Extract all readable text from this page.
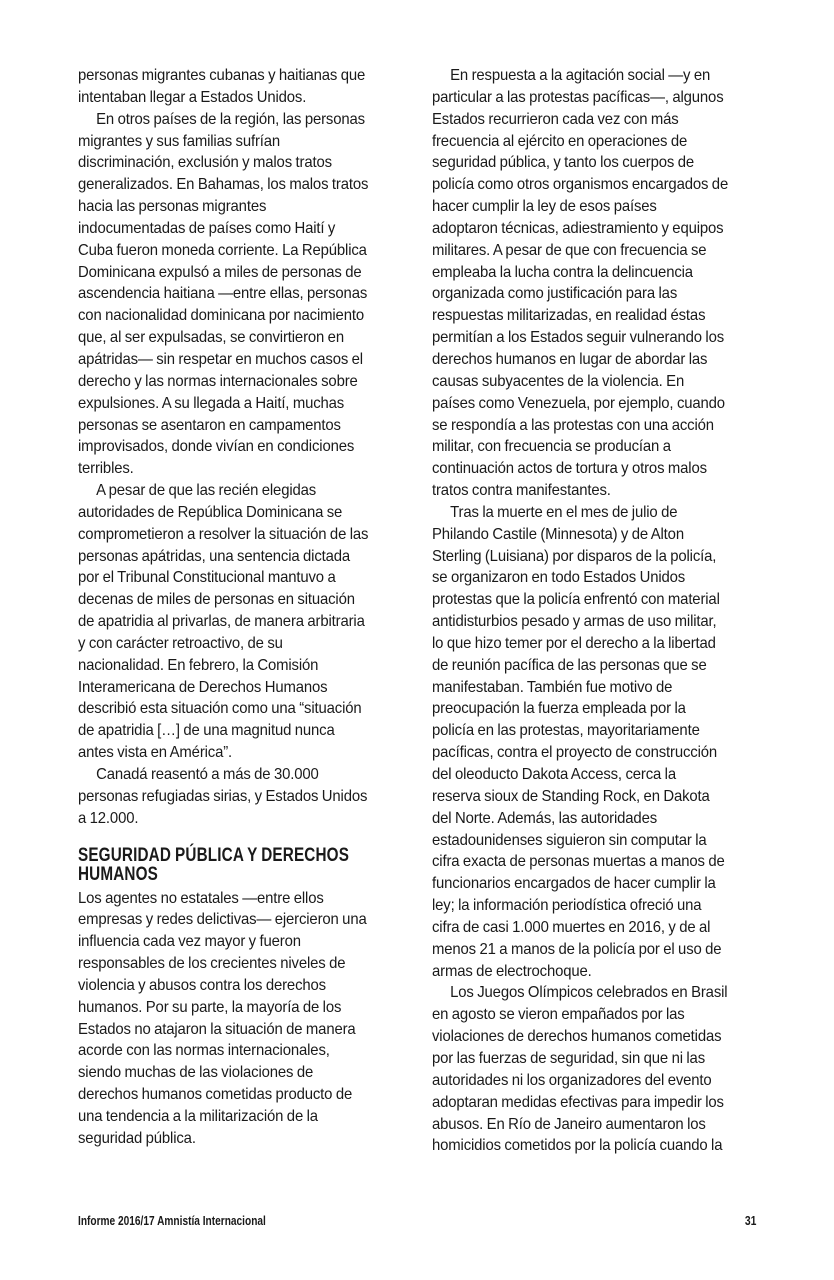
personas migrantes cubanas y haitianas que
intentaban llegar a Estados Unidos.
En otros países de la región, las personas
migrantes y sus familias sufrían
discriminación, exclusión y malos tratos
generalizados. En Bahamas, los malos tratos
hacia las personas migrantes
indocumentadas de países como Haití y
Cuba fueron moneda corriente. La República
Dominicana expulsó a miles de personas de
ascendencia haitiana —entre ellas, personas
con nacionalidad dominicana por nacimiento
que, al ser expulsadas, se convirtieron en
apátridas— sin respetar en muchos casos el
derecho y las normas internacionales sobre
expulsiones. A su llegada a Haití, muchas
personas se asentaron en campamentos
improvisados, donde vivían en condiciones
terribles.
A pesar de que las recién elegidas
autoridades de República Dominicana se
comprometieron a resolver la situación de las
personas apátridas, una sentencia dictada
por el Tribunal Constitucional mantuvo a
decenas de miles de personas en situación
de apatridia al privarlas, de manera arbitraria
y con carácter retroactivo, de su
nacionalidad. En febrero, la Comisión
Interamericana de Derechos Humanos
describió esta situación como una “situación
de apatridia […] de una magnitud nunca
antes vista en América”.
Canadá reasentó a más de 30.000
personas refugiadas sirias, y Estados Unidos
a 12.000.
SEGURIDAD PÚBLICA Y DERECHOS
HUMANOS
Los agentes no estatales —entre ellos
empresas y redes delictivas— ejercieron una
influencia cada vez mayor y fueron
responsables de los crecientes niveles de
violencia y abusos contra los derechos
humanos. Por su parte, la mayoría de los
Estados no atajaron la situación de manera
acorde con las normas internacionales,
siendo muchas de las violaciones de
derechos humanos cometidas producto de
una tendencia a la militarización de la
seguridad pública.
En respuesta a la agitación social —y en
particular a las protestas pacíficas—, algunos
Estados recurrieron cada vez con más
frecuencia al ejército en operaciones de
seguridad pública, y tanto los cuerpos de
policía como otros organismos encargados de
hacer cumplir la ley de esos países
adoptaron técnicas, adiestramiento y equipos
militares. A pesar de que con frecuencia se
empleaba la lucha contra la delincuencia
organizada como justificación para las
respuestas militarizadas, en realidad éstas
permitían a los Estados seguir vulnerando los
derechos humanos en lugar de abordar las
causas subyacentes de la violencia. En
países como Venezuela, por ejemplo, cuando
se respondía a las protestas con una acción
militar, con frecuencia se producían a
continuación actos de tortura y otros malos
tratos contra manifestantes.
Tras la muerte en el mes de julio de
Philando Castile (Minnesota) y de Alton
Sterling (Luisiana) por disparos de la policía,
se organizaron en todo Estados Unidos
protestas que la policía enfrentó con material
antidisturbios pesado y armas de uso militar,
lo que hizo temer por el derecho a la libertad
de reunión pacífica de las personas que se
manifestaban. También fue motivo de
preocupación la fuerza empleada por la
policía en las protestas, mayoritariamente
pacíficas, contra el proyecto de construcción
del oleoducto Dakota Access, cerca la
reserva sioux de Standing Rock, en Dakota
del Norte. Además, las autoridades
estadounidenses siguieron sin computar la
cifra exacta de personas muertas a manos de
funcionarios encargados de hacer cumplir la
ley; la información periodística ofreció una
cifra de casi 1.000 muertes en 2016, y de al
menos 21 a manos de la policía por el uso de
armas de electrochoque.
Los Juegos Olímpicos celebrados en Brasil
en agosto se vieron empañados por las
violaciones de derechos humanos cometidas
por las fuerzas de seguridad, sin que ni las
autoridades ni los organizadores del evento
adoptaran medidas efectivas para impedir los
abusos. En Río de Janeiro aumentaron los
homicidios cometidos por la policía cuando la
Informe 2016/17 Amnistía Internacional	31
